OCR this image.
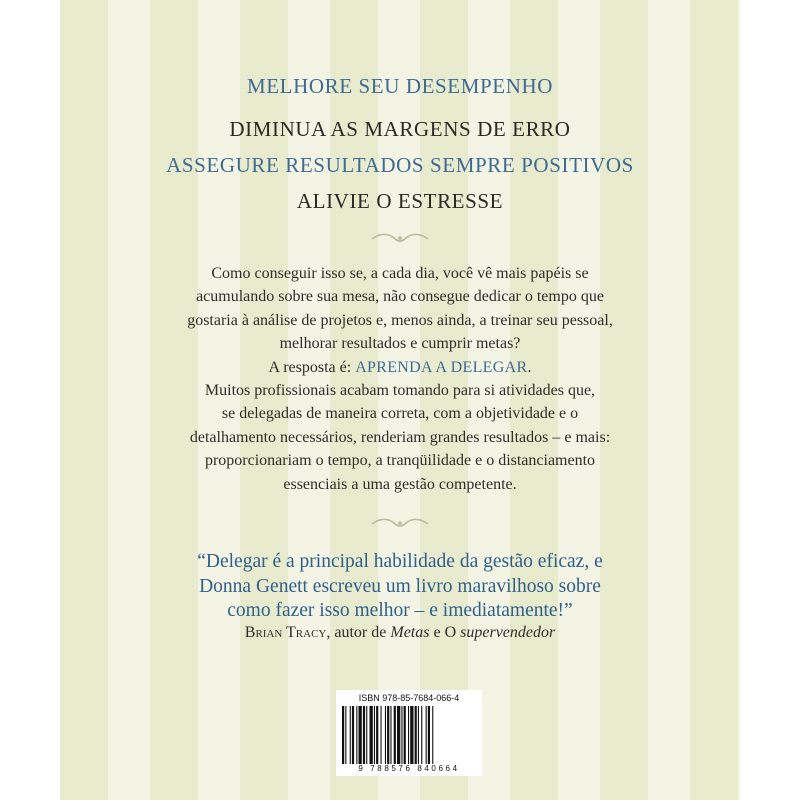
MELHORE SEU DESEMPENHO
DIMINUA AS MARGENS DE ERRO
ASSEGURE RESULTADOS SEMPRE POSITIVOS
ALIVIE O ESTRESSE

Como conseguir isso se, a cada dia, você vê mais papéis se

acumulando sobre sua mesa, não consegue dedicar o tempo que

gostaria à análise de projetos e, menos ainda, a treinar seu pessoal,

melhorar resultados e cumprir metas?

A resposta é: APRENDA A DELEGAR.

Muitos profissionais acabam tomando para si atividades que,

se delegadas de maneira correta, com a objetividade e o

detalhamento necessários, renderiam grandes resultados – e mais:

proporcionariam o tempo, a tranqüilidade e o distanciamento

essenciais a uma gestão competente.

“Delegar é a principal habilidade da gestão eficaz, e

Donna Genett escreveu um livro maravilhoso sobre

como fazer isso melhor – e imediatamente!”

Brian Tracy, autor de Metas e O supervendedor
ISBN 978-85-7684-066-4
9 788576 840664
